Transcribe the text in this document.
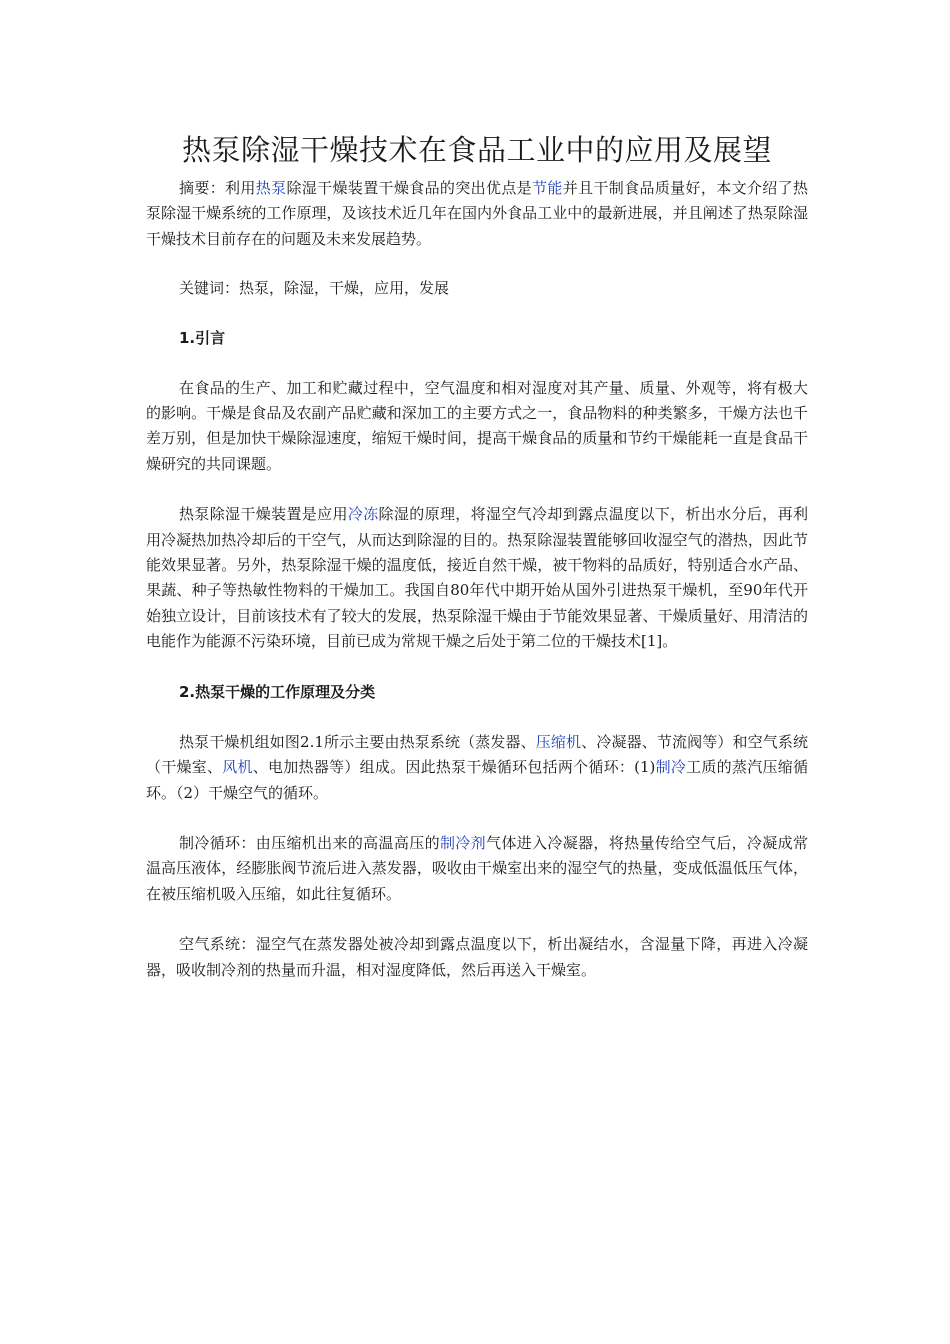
热泵除湿干燥技术在食品工业中的应用及展望

摘要：利用热泵除湿干燥装置干燥食品的突出优点是节能并且干制食品质量好，本文介绍了热泵除湿干燥系统的工作原理，及该技术近几年在国内外食品工业中的最新进展，并且阐述了热泵除湿干燥技术目前存在的问题及未来发展趋势。

关键词：热泵，除湿，干燥，应用，发展

1.引言

在食品的生产、加工和贮藏过程中，空气温度和相对湿度对其产量、质量、外观等，将有极大的影响。干燥是食品及农副产品贮藏和深加工的主要方式之一，食品物料的种类繁多，干燥方法也千差万别，但是加快干燥除湿速度，缩短干燥时间，提高干燥食品的质量和节约干燥能耗一直是食品干燥研究的共同课题。

热泵除湿干燥装置是应用冷冻除湿的原理，将湿空气冷却到露点温度以下，析出水分后，再利用冷凝热加热冷却后的干空气，从而达到除湿的目的。热泵除湿装置能够回收湿空气的潜热，因此节能效果显著。另外，热泵除湿干燥的温度低，接近自然干燥，被干物料的品质好，特别适合水产品、果蔬、种子等热敏性物料的干燥加工。我国自80年代中期开始从国外引进热泵干燥机，至90年代开始独立设计，目前该技术有了较大的发展，热泵除湿干燥由于节能效果显著、干燥质量好、用清洁的电能作为能源不污染环境，目前已成为常规干燥之后处于第二位的干燥技术[1]。

2.热泵干燥的工作原理及分类

热泵干燥机组如图2.1所示主要由热泵系统（蒸发器、压缩机、冷凝器、节流阀等）和空气系统（干燥室、风机、电加热器等）组成。因此热泵干燥循环包括两个循环：(1)制冷工质的蒸汽压缩循环。（2）干燥空气的循环。

制冷循环：由压缩机出来的高温高压的制冷剂气体进入冷凝器，将热量传给空气后，冷凝成常温高压液体，经膨胀阀节流后进入蒸发器，吸收由干燥室出来的湿空气的热量，变成低温低压气体，在被压缩机吸入压缩，如此往复循环。

空气系统：湿空气在蒸发器处被冷却到露点温度以下，析出凝结水，含湿量下降，再进入冷凝器，吸收制冷剂的热量而升温，相对湿度降低，然后再送入干燥室。
